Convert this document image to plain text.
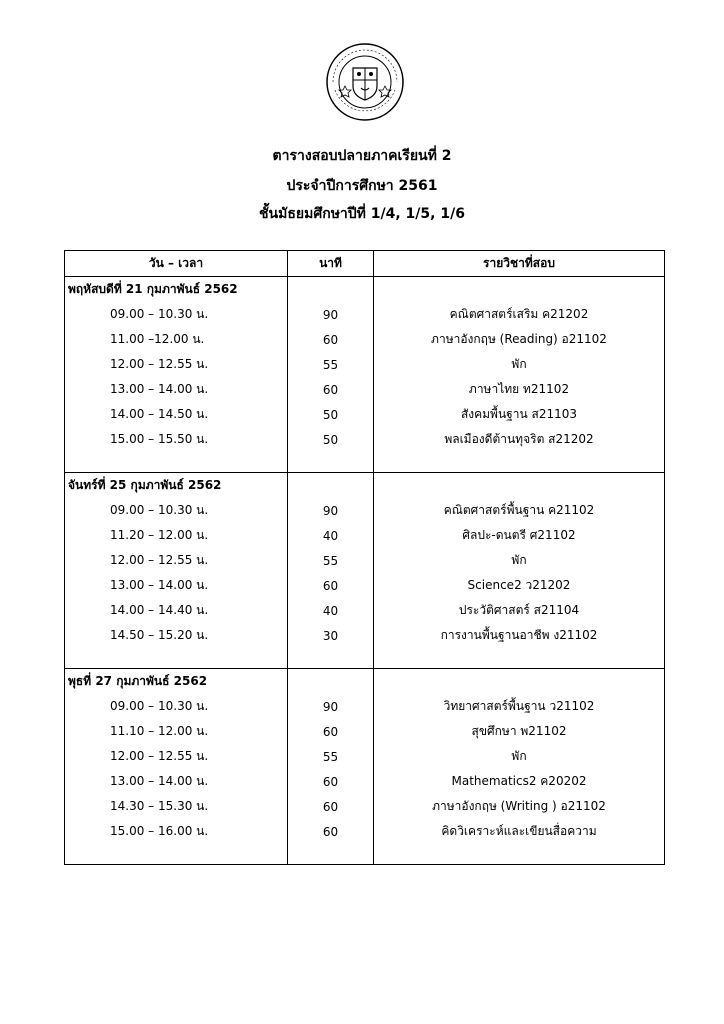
ตารางสอบปลายภาคเรียนที่ 2
ประจำปีการศึกษา 2561
ชั้นมัธยมศึกษาปีที่ 1/4, 1/5, 1/6
วัน – เวลา	นาที	รายวิชาที่สอบ
พฤหัสบดีที่ 21 กุมภาพันธ์ 2562		
09.00 – 10.30 น.	90	คณิตศาสตร์เสริม ค21202
11.00 –12.00 น.	60	ภาษาอังกฤษ (Reading) อ21102
12.00 – 12.55 น.	55	พัก
13.00 – 14.00 น.	60	ภาษาไทย ท21102
14.00 – 14.50 น.	50	สังคมพื้นฐาน ส21103
15.00 – 15.50 น.	50	พลเมืองดีต้านทุจริต ส21202

จันทร์ที่ 25 กุมภาพันธ์ 2562		
09.00 – 10.30 น.	90	คณิตศาสตร์พื้นฐาน ค21102
11.20 – 12.00 น.	40	ศิลปะ-ดนตรี ศ21102
12.00 – 12.55 น.	55	พัก
13.00 – 14.00 น.	60	Science2 ว21202
14.00 – 14.40 น.	40	ประวัติศาสตร์ ส21104
14.50 – 15.20 น.	30	การงานพื้นฐานอาชีพ ง21102

พุธที่ 27 กุมภาพันธ์ 2562		
09.00 – 10.30 น.	90	วิทยาศาสตร์พื้นฐาน ว21102
11.10 – 12.00 น.	60	สุขศึกษา พ21102
12.00 – 12.55 น.	55	พัก
13.00 – 14.00 น.	60	Mathematics2 ค20202
14.30 – 15.30 น.	60	ภาษาอังกฤษ (Writing ) อ21102
15.00 – 16.00 น.	60	คิดวิเคราะห์และเขียนสื่อความ
